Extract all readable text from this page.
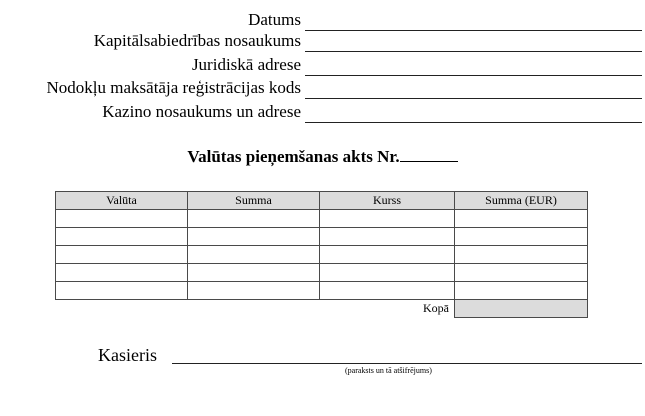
Datums
Kapitālsabiedrības nosaukums
Juridiskā adrese
Nodokļu maksātāja reģistrācijas kods
Kazino nosaukums un adrese
Valūtas pieņemšanas akts Nr.
Valūta	Summa	Kurss	Summa (EUR)

		Kopā	
Kasieris
(paraksts un tā atšifrējums)
